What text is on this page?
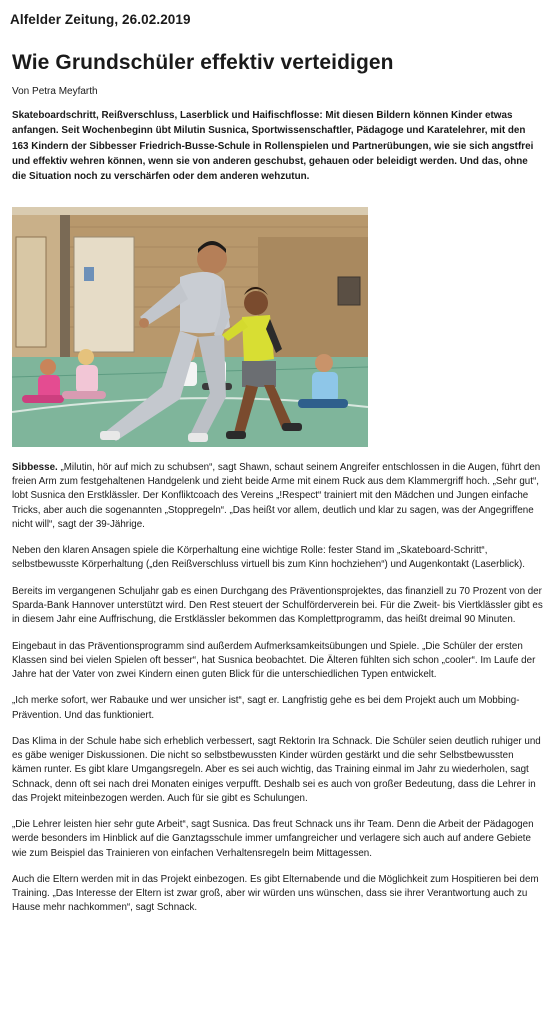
Alfelder Zeitung, 26.02.2019
Wie Grundschüler effektiv verteidigen
Von Petra Meyfarth

Skateboardschritt, Reißverschluss, Laserblick und Haifischflosse: Mit diesen Bildern können Kinder etwas anfangen. Seit Wochenbeginn übt Milutin Susnica, Sportwissenschaftler, Pädagoge und Karatelehrer, mit den 163 Kindern der Sibbesser Friedrich-Busse-Schule in Rollenspielen und Partnerübungen, wie sie sich angstfrei und effektiv wehren können, wenn sie von anderen geschubst, gehauen oder beleidigt werden. Und das, ohne die Situation noch zu verschärfen oder dem anderen wehzutun.

Sibbesse. „Milutin, hör auf mich zu schubsen“, sagt Shawn, schaut seinem Angreifer entschlossen in die Augen, führt den freien Arm zum festgehaltenen Handgelenk und zieht beide Arme mit einem Ruck aus dem Klammergriff hoch. „Sehr gut“, lobt Susnica den Erstklässler. Der Konfliktcoach des Vereins „!Respect“ trainiert mit den Mädchen und Jungen einfache Tricks, aber auch die sogenannten „Stoppregeln“. „Das heißt vor allem, deutlich und klar zu sagen, was der Angegriffene nicht will“, sagt der 39-Jährige.

Neben den klaren Ansagen spiele die Körperhaltung eine wichtige Rolle: fester Stand im „Skateboard-Schritt“, selbstbewusste Körperhaltung („den Reißverschluss virtuell bis zum Kinn hochziehen“) und Augenkontakt (Laserblick).

Bereits im vergangenen Schuljahr gab es einen Durchgang des Präventionsprojektes, das finanziell zu 70 Prozent von der Sparda-Bank Hannover unterstützt wird. Den Rest steuert der Schulförderverein bei. Für die Zweit- bis Viertklässler gibt es in diesem Jahr eine Auffrischung, die Erstklässler bekommen das Komplettprogramm, das heißt dreimal 90 Minuten.

Eingebaut in das Präventionsprogramm sind außerdem Aufmerksamkeitsübungen und Spiele. „Die Schüler der ersten Klassen sind bei vielen Spielen oft besser“, hat Susnica beobachtet. Die Älteren fühlten sich schon „cooler“. Im Laufe der Jahre hat der Vater von zwei Kindern einen guten Blick für die unterschiedlichen Typen entwickelt.

„Ich merke sofort, wer Rabauke und wer unsicher ist“, sagt er. Langfristig gehe es bei dem Projekt auch um Mobbing-Prävention. Und das funktioniert.

Das Klima in der Schule habe sich erheblich verbessert, sagt Rektorin Ira Schnack. Die Schüler seien deutlich ruhiger und es gäbe weniger Diskussionen. Die nicht so selbstbewussten Kinder würden gestärkt und die sehr Selbstbewussten kämen runter. Es gibt klare Umgangsregeln. Aber es sei auch wichtig, das Training einmal im Jahr zu wiederholen, sagt Schnack, denn oft sei nach drei Monaten einiges verpufft. Deshalb sei es auch von großer Bedeutung, dass die Lehrer in das Projekt miteinbezogen werden. Auch für sie gibt es Schulungen.

„Die Lehrer leisten hier sehr gute Arbeit“, sagt Susnica. Das freut Schnack uns ihr Team. Denn die Arbeit der Pädagogen werde besonders im Hinblick auf die Ganztagsschule immer umfangreicher und verlagere sich auch auf andere Gebiete wie zum Beispiel das Trainieren von einfachen Verhaltensregeln beim Mittagessen.

Auch die Eltern werden mit in das Projekt einbezogen. Es gibt Elternabende und die Möglichkeit zum Hospitieren bei dem Training. „Das Interesse der Eltern ist zwar groß, aber wir würden uns wünschen, dass sie ihrer Verantwortung auch zu Hause mehr nachkommen“, sagt Schnack.
